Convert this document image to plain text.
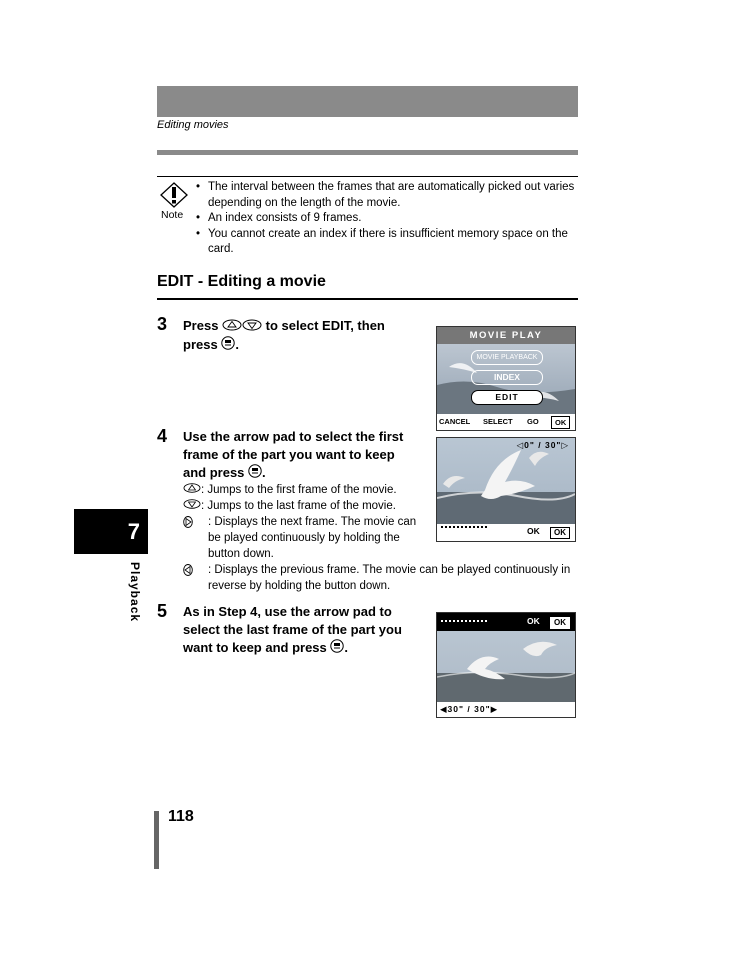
Editing movies
Note
• The interval between the frames that are automatically picked out varies depending on the length of the movie.
• An index consists of 9 frames.
• You cannot create an index if there is insufficient memory space on the card.
EDIT - Editing a movie
3 Press	to select EDIT, then
press .
MOVIE PLAY
MOVIE PLAYBACK
INDEX
EDIT
CANCEL SELECT GO	OK
4 Use the arrow pad to select the first
frame of the part you want to keep
and press .
: Jumps to the first frame of the movie.
: Jumps to the last frame of the movie.
: Displays the next frame. The movie can be played continuously by holding the button down.
: Displays the previous frame. The movie can be played continuously in reverse by holding the button down.
◁0" / 30"▷
OK	OK
5 As in Step 4, use the arrow pad to
select the last frame of the part you
want to keep and press .
OK	OK
◀30" / 30"▶
7
Playback
118
